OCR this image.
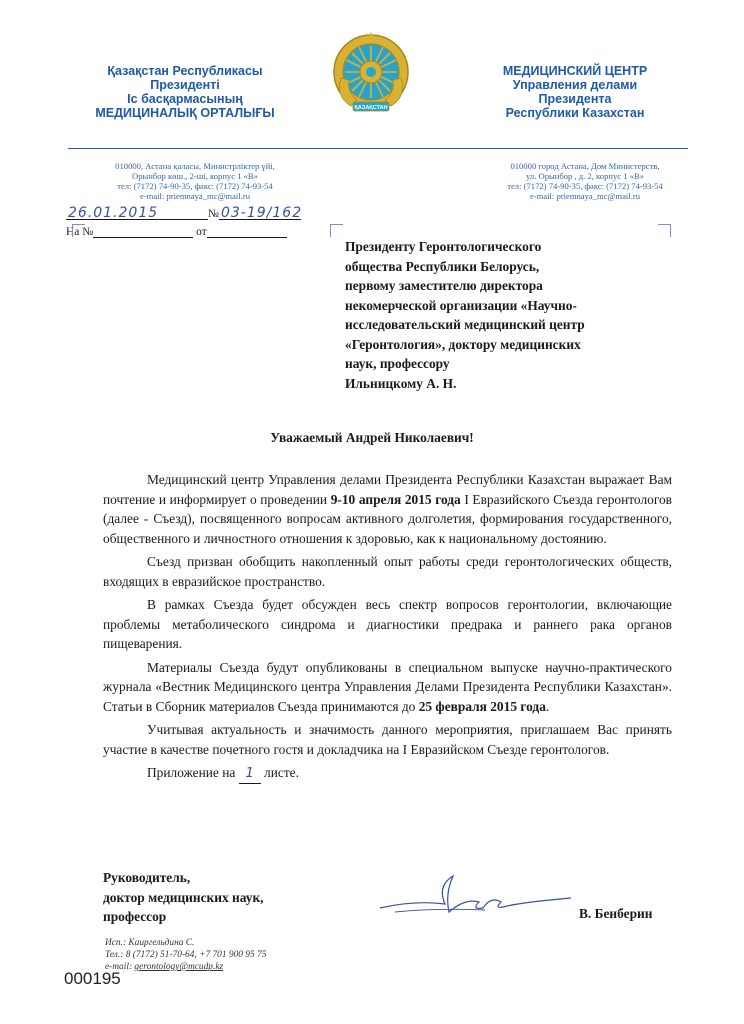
Қазақстан Республикасы
Президенті
Іс басқармасының
МЕДИЦИНАЛЫҚ ОРТАЛЫҒЫ	ҚАЗАҚСТАН
МЕДИЦИНСКИЙ ЦЕНТР
Управления делами
Президента
Республики Казахстан
010000, Астана қаласы, Министрліктер үйі,
Орынбор көш., 2-ші, корпус 1 «В»
тел: (7172) 74-90-35, факс: (7172) 74-93-54
e-mail: priemnaya_mc@mail.ru
010000 город Астана, Дом Министерств,
ул. Орынбор , д. 2, корпус 1 «В»
тел: (7172) 74-90-35, факс: (7172) 74-93-54
e-mail: priemnaya_mc@mail.ru
26.01.2015	№ 03-19/162
На №	от
Президенту Геронтологического
общества Республики Белорусь,
первому заместителю директора
некомерческой организации «Научно-
исследовательский медицинский центр
«Геронтология», доктору медицинских
наук, профессору
Ильницкому А. Н.
Уважаемый Андрей Николаевич!

Медицинский центр Управления делами Президента Республики Казахстан выражает Вам почтение и информирует о проведении 9-10 апреля 2015 года I Евразийского Съезда геронтологов (далее - Съезд), посвященного вопросам активного долголетия, формирования государственного, общественного и личностного отношения к здоровью, как к национальному достоянию.

Съезд призван обобщить накопленный опыт работы среди геронтологических обществ, входящих в евразийское пространство.

В рамках Съезда будет обсужден весь спектр вопросов геронтологии, включающие проблемы метаболического синдрома и диагностики предрака и раннего рака органов пищеварения.

Материалы Съезда будут опубликованы в специальном выпуске научно-практического журнала «Вестник Медицинского центра Управления Делами Президента Республики Казахстан». Статьи в Сборник материалов Съезда принимаются до 25 февраля 2015 года.

Учитывая актуальность и значимость данного мероприятия, приглашаем Вас принять участие в качестве почетного гостя и докладчика на I Евразийском Съезде геронтологов.

Приложение на 1 листе.

Руководитель,
доктор медицинских наук,
профессор	В. Бенберин
Исп.: Каиргельдина С.
Тел.: 8 (7172) 51-70-64, +7 701 900 95 75
e-mail: gerontology@mcudp.kz
000195
